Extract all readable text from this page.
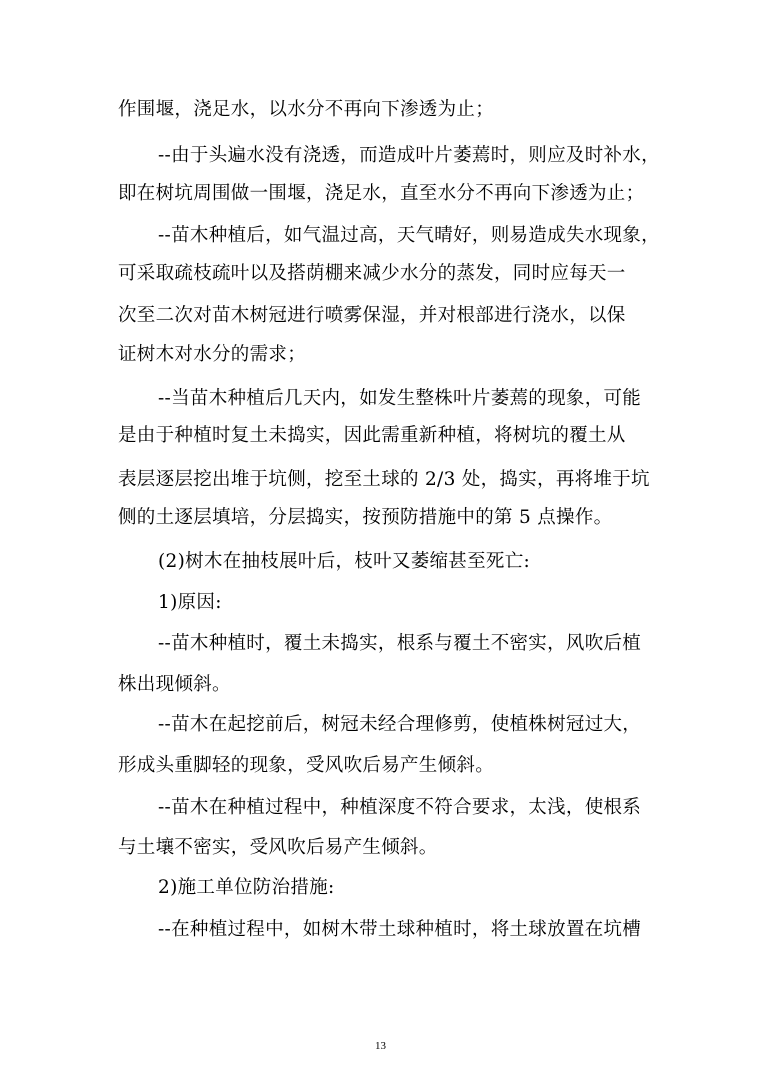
作围堰，浇足水，以水分不再向下渗透为止；
--由于头遍水没有浇透，而造成叶片萎蔫时，则应及时补水，
即在树坑周围做一围堰，浇足水，直至水分不再向下渗透为止；
--苗木种植后，如气温过高，天气晴好，则易造成失水现象，
可采取疏枝疏叶以及搭荫棚来减少水分的蒸发，同时应每天一
次至二次对苗木树冠进行喷雾保湿，并对根部进行浇水，以保
证树木对水分的需求；
--当苗木种植后几天内，如发生整株叶片萎蔫的现象，可能
是由于种植时复土未捣实，因此需重新种植，将树坑的覆土从
表层逐层挖出堆于坑侧，挖至土球的 2/3 处，捣实，再将堆于坑
侧的土逐层填培，分层捣实，按预防措施中的第 5 点操作。
(2)树木在抽枝展叶后，枝叶又萎缩甚至死亡:
1)原因:
--苗木种植时，覆土未捣实，根系与覆土不密实，风吹后植
株出现倾斜。
--苗木在起挖前后，树冠未经合理修剪，使植株树冠过大，
形成头重脚轻的现象，受风吹后易产生倾斜。
--苗木在种植过程中，种植深度不符合要求，太浅，使根系
与土壤不密实，受风吹后易产生倾斜。
2)施工单位防治措施:
--在种植过程中，如树木带土球种植时，将土球放置在坑槽
13
